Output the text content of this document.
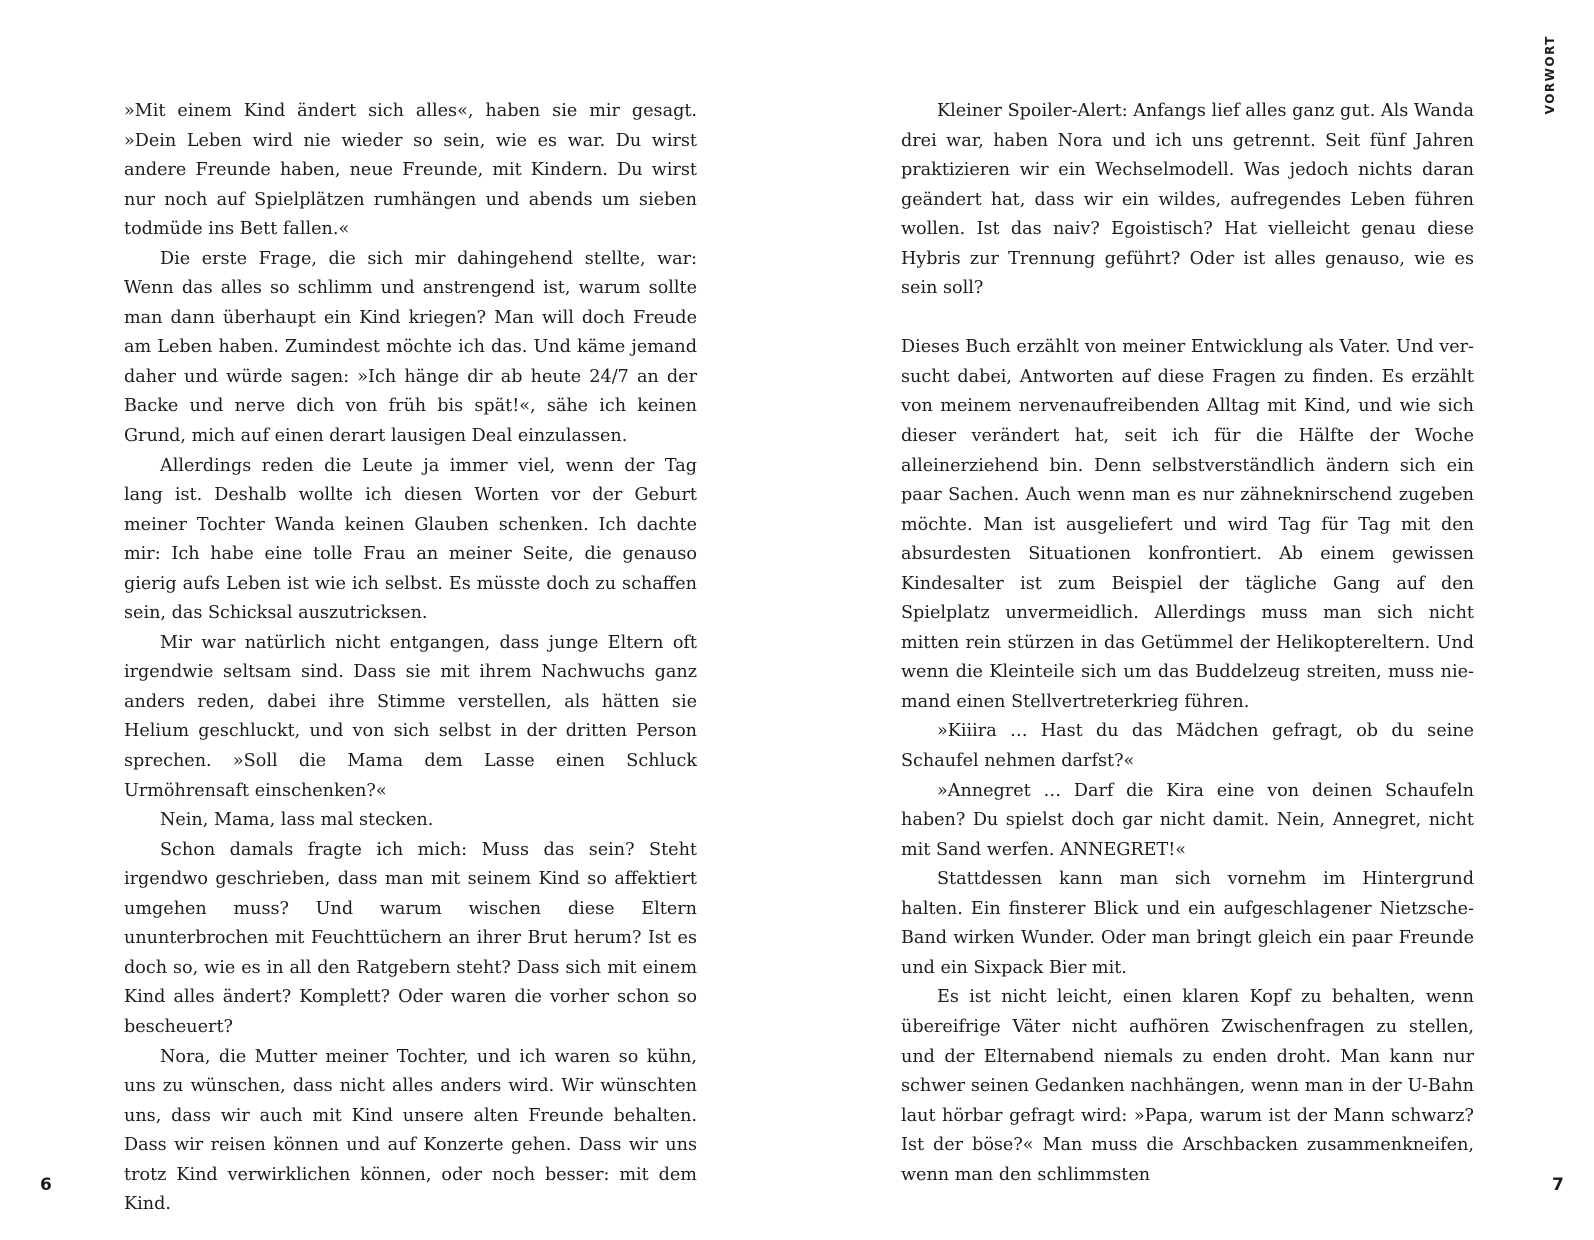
»Mit einem Kind ändert sich alles«, haben sie mir gesagt. »Dein Leben wird nie wieder so sein, wie es war. Du wirst andere Freunde haben, neue Freunde, mit Kindern. Du wirst nur noch auf Spielplätzen rumhängen und abends um sieben todmüde ins Bett fallen.«

Die erste Frage, die sich mir dahingehend stellte, war: Wenn das alles so schlimm und anstrengend ist, warum sollte man dann überhaupt ein Kind kriegen? Man will doch Freude am Leben haben. Zumindest möchte ich das. Und käme jemand daher und würde sagen: »Ich hänge dir ab heute 24/7 an der Backe und nerve dich von früh bis spät!«, sähe ich keinen Grund, mich auf einen derart lausigen Deal einzulassen.

Allerdings reden die Leute ja immer viel, wenn der Tag lang ist. Deshalb wollte ich diesen Worten vor der Geburt meiner Tochter Wanda keinen Glauben schenken. Ich dachte mir: Ich habe eine tolle Frau an meiner Seite, die genauso gierig aufs Leben ist wie ich selbst. Es müsste doch zu schaffen sein, das Schicksal auszutricksen.

Mir war natürlich nicht entgangen, dass junge Eltern oft irgendwie seltsam sind. Dass sie mit ihrem Nachwuchs ganz anders reden, dabei ihre Stimme verstellen, als hätten sie Helium geschluckt, und von sich selbst in der dritten Person sprechen. »Soll die Mama dem Lasse einen Schluck Urmöhrensaft einschenken?«

Nein, Mama, lass mal stecken.

Schon damals fragte ich mich: Muss das sein? Steht irgendwo geschrieben, dass man mit seinem Kind so affektiert umgehen muss? Und warum wischen diese Eltern ununterbrochen mit Feuchttüchern an ihrer Brut herum? Ist es doch so, wie es in all den Ratgebern steht? Dass sich mit einem Kind alles ändert? Komplett? Oder waren die vorher schon so bescheuert?

Nora, die Mutter meiner Tochter, und ich waren so kühn, uns zu wünschen, dass nicht alles anders wird. Wir wünschten uns, dass wir auch mit Kind unsere alten Freunde behalten. Dass wir reisen können und auf Konzerte gehen. Dass wir uns trotz Kind verwirklichen können, oder noch besser: mit dem Kind.

6
VORWORT

Kleiner Spoiler-Alert: Anfangs lief alles ganz gut. Als Wanda drei war, haben Nora und ich uns getrennt. Seit fünf Jahren praktizieren wir ein Wechselmodell. Was jedoch nichts daran geändert hat, dass wir ein wildes, aufregendes Leben führen wollen. Ist das naiv? Egoistisch? Hat vielleicht genau diese Hybris zur Trennung geführt? Oder ist alles genauso, wie es sein soll?

Dieses Buch erzählt von meiner Entwicklung als Vater. Und versucht dabei, Antworten auf diese Fragen zu finden. Es erzählt von meinem nervenaufreibenden Alltag mit Kind, und wie sich dieser verändert hat, seit ich für die Hälfte der Woche alleinerziehend bin. Denn selbstverständlich ändern sich ein paar Sachen. Auch wenn man es nur zähneknirschend zugeben möchte. Man ist ausgeliefert und wird Tag für Tag mit den absurdesten Situationen konfrontiert. Ab einem gewissen Kindesalter ist zum Beispiel der tägliche Gang auf den Spielplatz unvermeidlich. Allerdings muss man sich nicht mitten rein stürzen in das Getümmel der Helikoptereltern. Und wenn die Kleinteile sich um das Buddelzeug streiten, muss niemand einen Stellvertreterkrieg führen.

»Kiiira … Hast du das Mädchen gefragt, ob du seine Schaufel nehmen darfst?«

»Annegret … Darf die Kira eine von deinen Schaufeln haben? Du spielst doch gar nicht damit. Nein, Annegret, nicht mit Sand werfen. ANNEGRET!«

Stattdessen kann man sich vornehm im Hintergrund halten. Ein finsterer Blick und ein aufgeschlagener Nietzsche-Band wirken Wunder. Oder man bringt gleich ein paar Freunde und ein Sixpack Bier mit.

Es ist nicht leicht, einen klaren Kopf zu behalten, wenn übereifrige Väter nicht aufhören Zwischenfragen zu stellen, und der Elternabend niemals zu enden droht. Man kann nur schwer seinen Gedanken nachhängen, wenn man in der U-Bahn laut hörbar gefragt wird: »Papa, warum ist der Mann schwarz? Ist der böse?« Man muss die Arschbacken zusammenkneifen, wenn man den schlimmsten

7
